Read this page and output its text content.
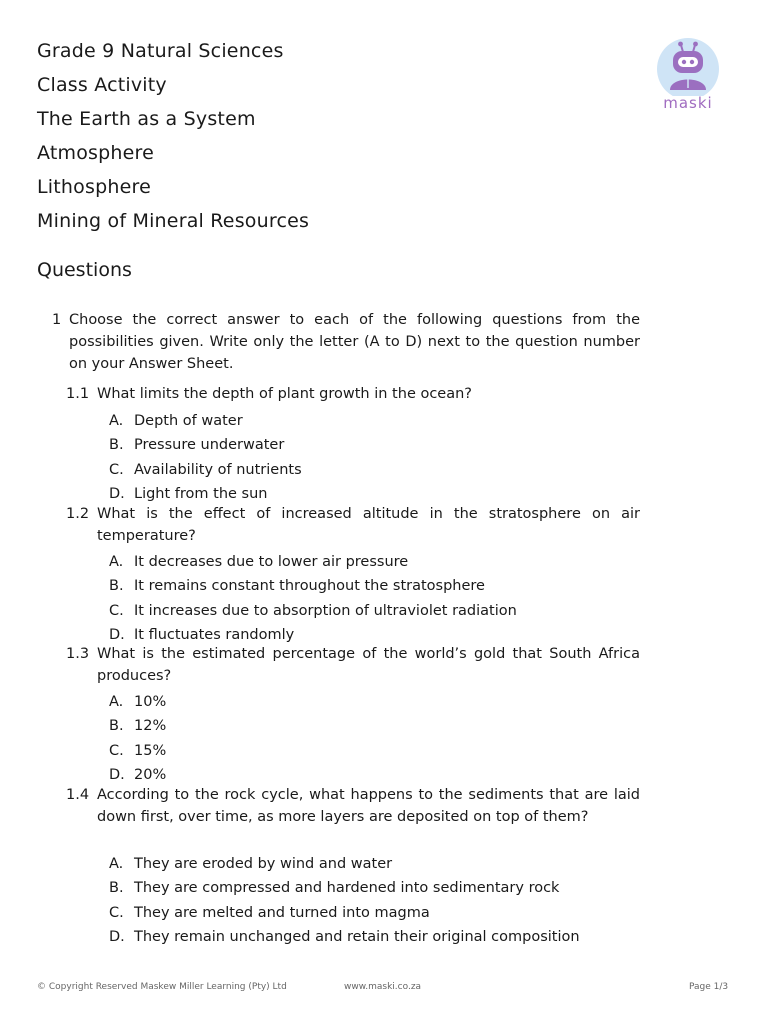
Grade 9 Natural Sciences
Class Activity
The Earth as a System
Atmosphere
Lithosphere
Mining of Mineral Resources
maski
Questions
1 Choose the correct answer to each of the following questions from the possibilities given. Write only the letter (A to D) next to the question number on your Answer Sheet.
1.1 What limits the depth of plant growth in the ocean?
A. Depth of water
B. Pressure underwater
C. Availability of nutrients
D. Light from the sun
1.2 What is the effect of increased altitude in the stratosphere on air temperature?
A. It decreases due to lower air pressure
B. It remains constant throughout the stratosphere
C. It increases due to absorption of ultraviolet radiation
D. It fluctuates randomly
1.3 What is the estimated percentage of the world’s gold that South Africa produces?
A. 10%
B. 12%
C. 15%
D. 20%
1.4 According to the rock cycle, what happens to the sediments that are laid down first, over time, as more layers are deposited on top of them?
A. They are eroded by wind and water
B. They are compressed and hardened into sedimentary rock
C. They are melted and turned into magma
D. They remain unchanged and retain their original composition
© Copyright Reserved Maskew Miller Learning (Pty) Ltd	www.maski.co.za	Page 1/3
